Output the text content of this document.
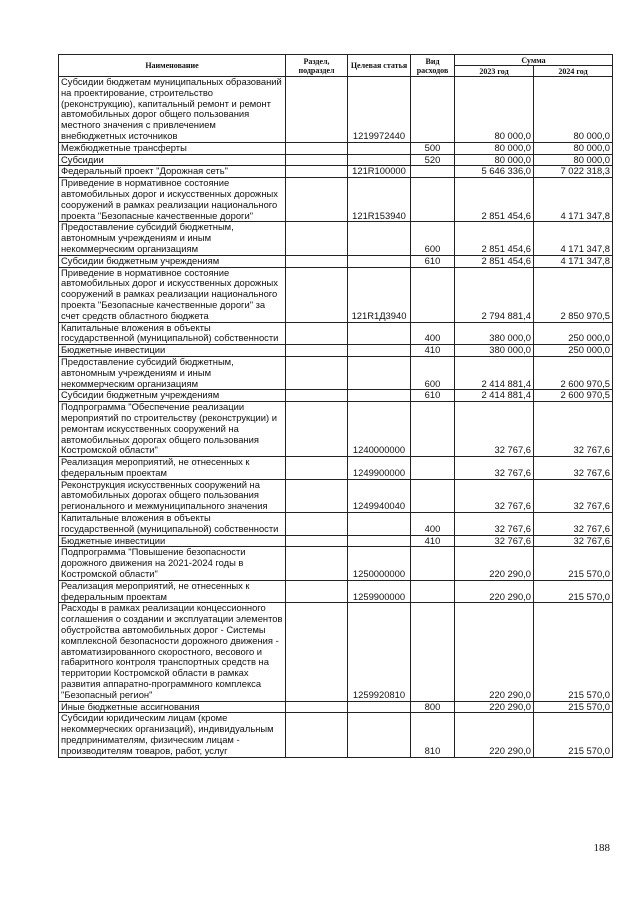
Наименование	Раздел, подраздел	Целевая статья	Вид расходов	Сумма	
				2023 год	2024 год
Субсидии бюджетам муниципальных образований на проектирование, строительство (реконструкцию), капитальный ремонт и ремонт автомобильных дорог общего пользования местного значения с привлечением внебюджетных источников		1219972440		80 000,0	80 000,0
Межбюджетные трансферты			500	80 000,0	80 000,0
Субсидии			520	80 000,0	80 000,0
Федеральный проект "Дорожная сеть"		121R100000		5 646 336,0	7 022 318,3
Приведение в нормативное состояние автомобильных дорог и искусственных дорожных сооружений в рамках реализации национального проекта "Безопасные качественные дороги"		121R153940		2 851 454,6	4 171 347,8
Предоставление субсидий бюджетным, автономным учреждениям и иным некоммерческим организациям			600	2 851 454,6	4 171 347,8
Субсидии бюджетным учреждениям			610	2 851 454,6	4 171 347,8
Приведение в нормативное состояние автомобильных дорог и искусственных дорожных сооружений в рамках реализации национального проекта "Безопасные качественные дороги" за счет средств областного бюджета		121R1Д3940		2 794 881,4	2 850 970,5
Капитальные вложения в объекты государственной (муниципальной) собственности			400	380 000,0	250 000,0
Бюджетные инвестиции			410	380 000,0	250 000,0
Предоставление субсидий бюджетным, автономным учреждениям и иным некоммерческим организациям			600	2 414 881,4	2 600 970,5
Субсидии бюджетным учреждениям			610	2 414 881,4	2 600 970,5
Подпрограмма "Обеспечение реализации мероприятий по строительству (реконструкции) и ремонтам искусственных сооружений на автомобильных дорогах общего пользования Костромской области"		1240000000		32 767,6	32 767,6
Реализация мероприятий, не отнесенных к федеральным проектам		1249900000		32 767,6	32 767,6
Реконструкция искусственных сооружений на автомобильных дорогах общего пользования регионального и межмуниципального значения		1249940040		32 767,6	32 767,6
Капитальные вложения в объекты государственной (муниципальной) собственности			400	32 767,6	32 767,6
Бюджетные инвестиции			410	32 767,6	32 767,6
Подпрограмма "Повышение безопасности дорожного движения на 2021-2024 годы в Костромской области"		1250000000		220 290,0	215 570,0
Реализация мероприятий, не отнесенных к федеральным проектам		1259900000		220 290,0	215 570,0
Расходы в рамках реализации концессионного соглашения о создании и эксплуатации элементов обустройства автомобильных дорог - Системы комплексной безопасности дорожного движения - автоматизированного скоростного, весового и габаритного контроля транспортных средств на территории Костромской области в рамках развития аппаратно-программного комплекса "Безопасный регион"		1259920810		220 290,0	215 570,0
Иные бюджетные ассигнования			800	220 290,0	215 570,0
Субсидии юридическим лицам (кроме некоммерческих организаций), индивидуальным предпринимателям, физическим лицам - производителям товаров, работ, услуг			810	220 290,0	215 570,0
188
